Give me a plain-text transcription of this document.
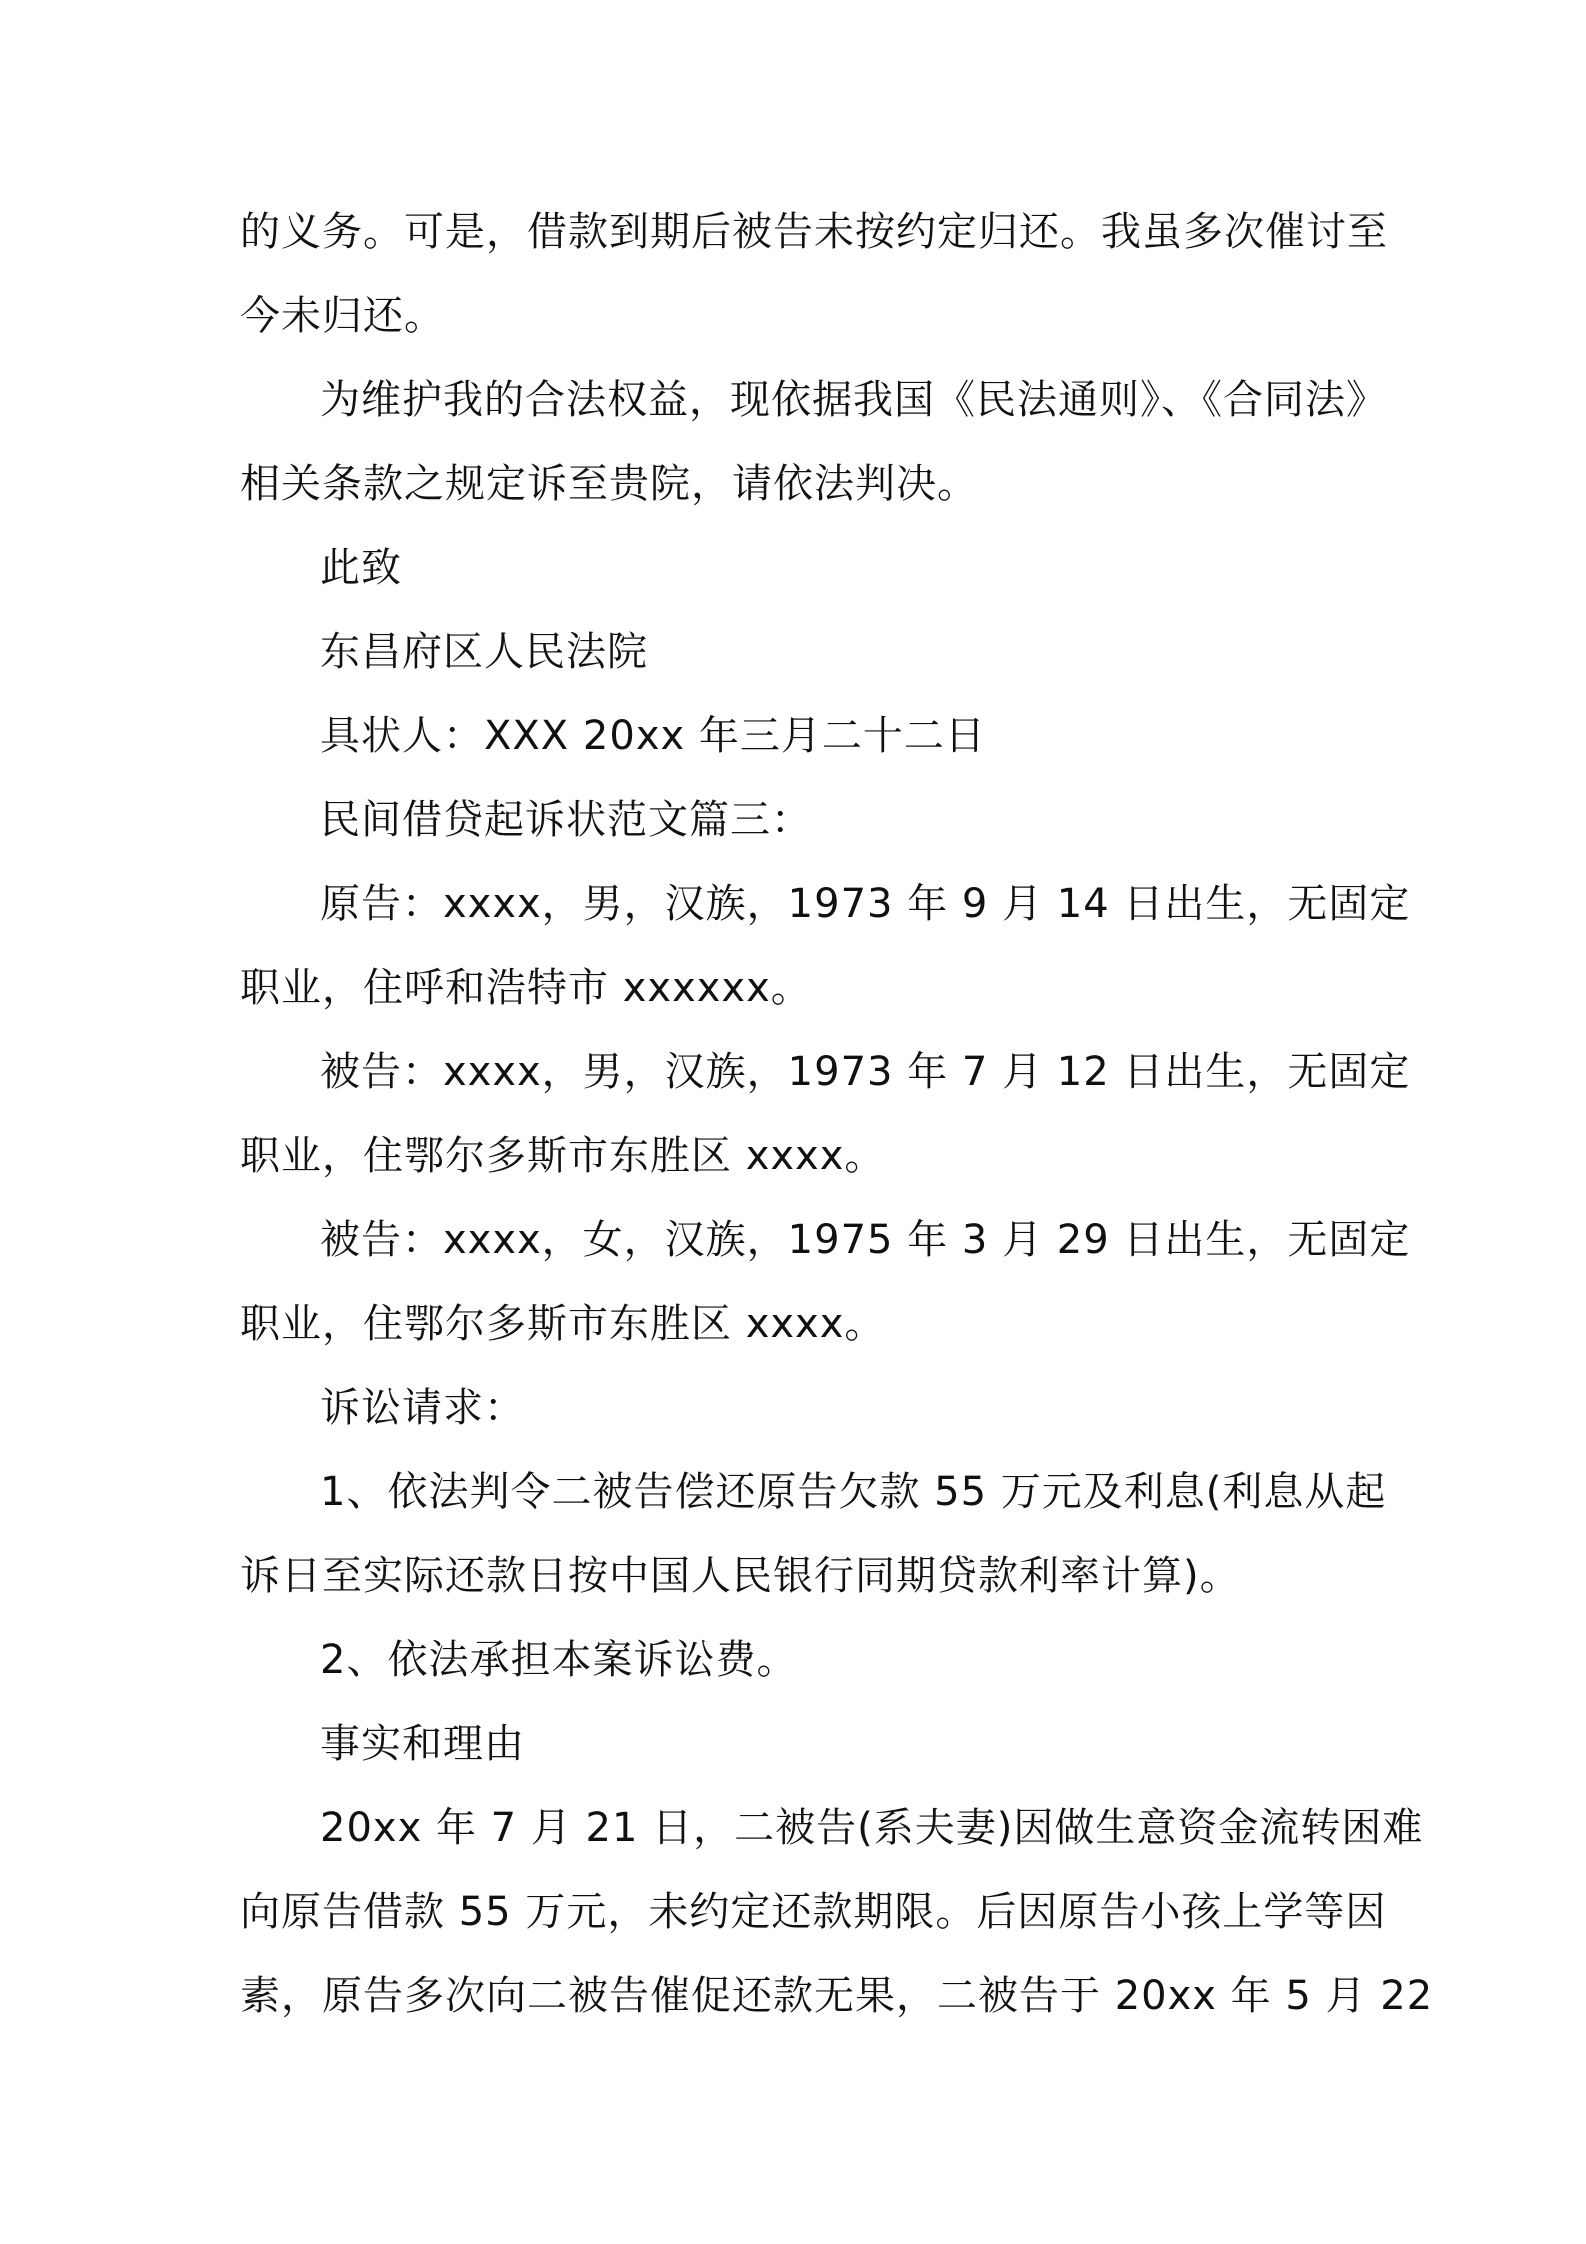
的义务。可是，借款到期后被告未按约定归还。我虽多次催讨至
今未归还。
为维护我的合法权益，现依据我国《民法通则》、《合同法》
相关条款之规定诉至贵院，请依法判决。
此致
东昌府区人民法院
具状人：XXX 20xx 年三月二十二日
民间借贷起诉状范文篇三：
原告：xxxx，男，汉族，1973 年 9 月 14 日出生，无固定
职业，住呼和浩特市 xxxxxx。
被告：xxxx，男，汉族，1973 年 7 月 12 日出生，无固定
职业，住鄂尔多斯市东胜区 xxxx。
被告：xxxx，女，汉族，1975 年 3 月 29 日出生，无固定
职业，住鄂尔多斯市东胜区 xxxx。
诉讼请求：
1、依法判令二被告偿还原告欠款 55 万元及利息(利息从起
诉日至实际还款日按中国人民银行同期贷款利率计算)。
2、依法承担本案诉讼费。
事实和理由
20xx 年 7 月 21 日，二被告(系夫妻)因做生意资金流转困难
向原告借款 55 万元，未约定还款期限。后因原告小孩上学等因
素，原告多次向二被告催促还款无果，二被告于 20xx 年 5 月 22
